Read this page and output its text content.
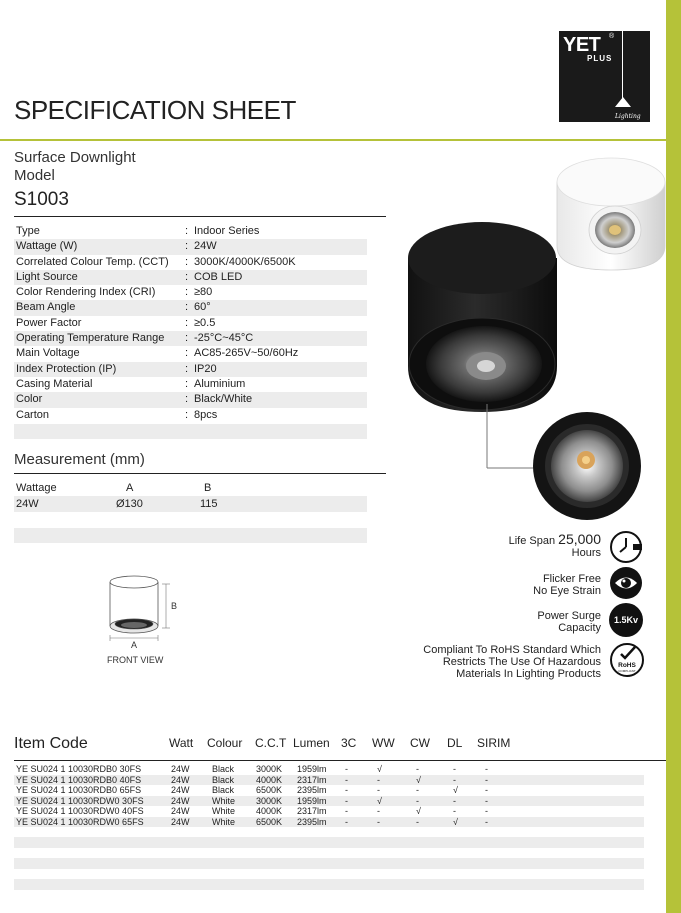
YET ®
PLUS
Lighting
SPECIFICATION SHEET
Surface Downlight
Model
S1003
Type	: Indoor Series
Wattage (W)	: 24W
Correlated Colour Temp. (CCT) : 3000K/4000K/6500K
Light Source	: COB LED
Color Rendering Index (CRI)	: ≥80
Beam Angle	: 60°
Power Factor	: ≥0.5
Operating Temperature Range : -25°C~45°C
Main Voltage	: AC85-265V~50/60Hz
Index Protection (IP)	: IP20
Casing Material	: Aluminium
Color	: Black/White
Carton	: 8pcs
Measurement (mm)
Wattage	A	B
24W	Ø130	115
B
A
FRONT VIEW
Life Span 25,000
Hours
Flicker Free
No Eye Strain
Power Surge
Capacity
1.5Kv
Compliant To RoHS Standard Which
Restricts The Use Of Hazardous
Materials In Lighting Products
RoHS
COMPLIANT
Item Code	Watt Colour C.C.T Lumen 3C WW CW DL SIRIM
YE SU024 1 10030RDB0 30FS	24W Black 3000K 1959lm -	√	-	-	-
YE SU024 1 10030RDB0 40FS	24W Black 4000K 2317lm -	-	√	-	-
YE SU024 1 10030RDB0 65FS	24W Black 6500K 2395lm -	-	-	√	-
YE SU024 1 10030RDW0 30FS	24W White 3000K 1959lm -	√	-	-	-
YE SU024 1 10030RDW0 40FS	24W White 4000K 2317lm -	-	√	-	-
YE SU024 1 10030RDW0 65FS	24W White 6500K 2395lm -	-	-	√	-
